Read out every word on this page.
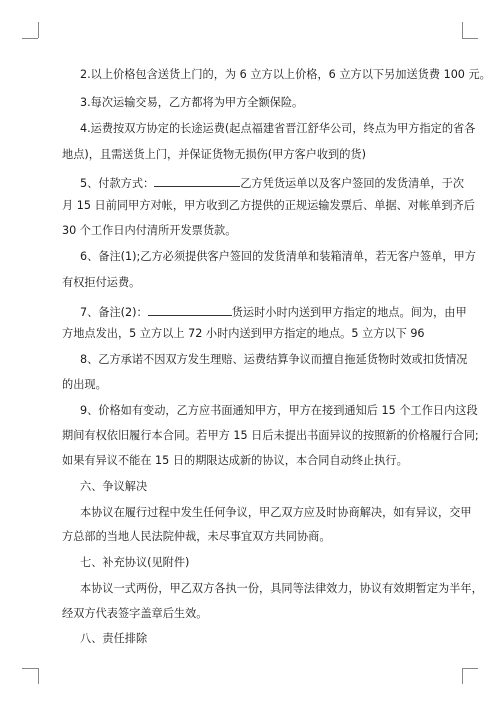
2.以上价格包含送货上门的，为 6 立方以上价格，6 立方以下另加送货费 100 元。
3.每次运输交易，乙方都将为甲方全额保险。
4.运费按双方协定的长途运费(起点福建省晋江舒华公司，终点为甲方指定的省各
地点)，且需送货上门，并保证货物无损伤(甲方客户收到的货)
5、付款方式：	乙方凭货运单以及客户签回的发货清单，于次
月 15 日前同甲方对帐，甲方收到乙方提供的正规运输发票后、单据、对帐单到齐后
30 个工作日内付清所开发票货款。
6、备注(1);乙方必须提供客户签回的发货清单和装箱清单，若无客户签单，甲方
有权拒付运费。
7、备注(2)：	货运时小时内送到甲方指定的地点。间为，由甲
方地点发出，5 立方以上 72 小时内送到甲方指定的地点。5 立方以下 96
8、乙方承诺不因双方发生理赔、运费结算争议而擅自拖延货物时效或扣货情况
的出现。
9、价格如有变动，乙方应书面通知甲方，甲方在接到通知后 15 个工作日内这段
期间有权依旧履行本合同。若甲方 15 日后未提出书面异议的按照新的价格履行合同;
如果有异议不能在 15 日的期限达成新的协议，本合同自动终止执行。
六、争议解决
本协议在履行过程中发生任何争议，甲乙双方应及时协商解决，如有异议，交甲
方总部的当地人民法院仲裁，未尽事宜双方共同协商。
七、补充协议(见附件)
本协议一式两份，甲乙双方各执一份，具同等法律效力，协议有效期暂定为半年，
经双方代表签字盖章后生效。
八、责任排除
